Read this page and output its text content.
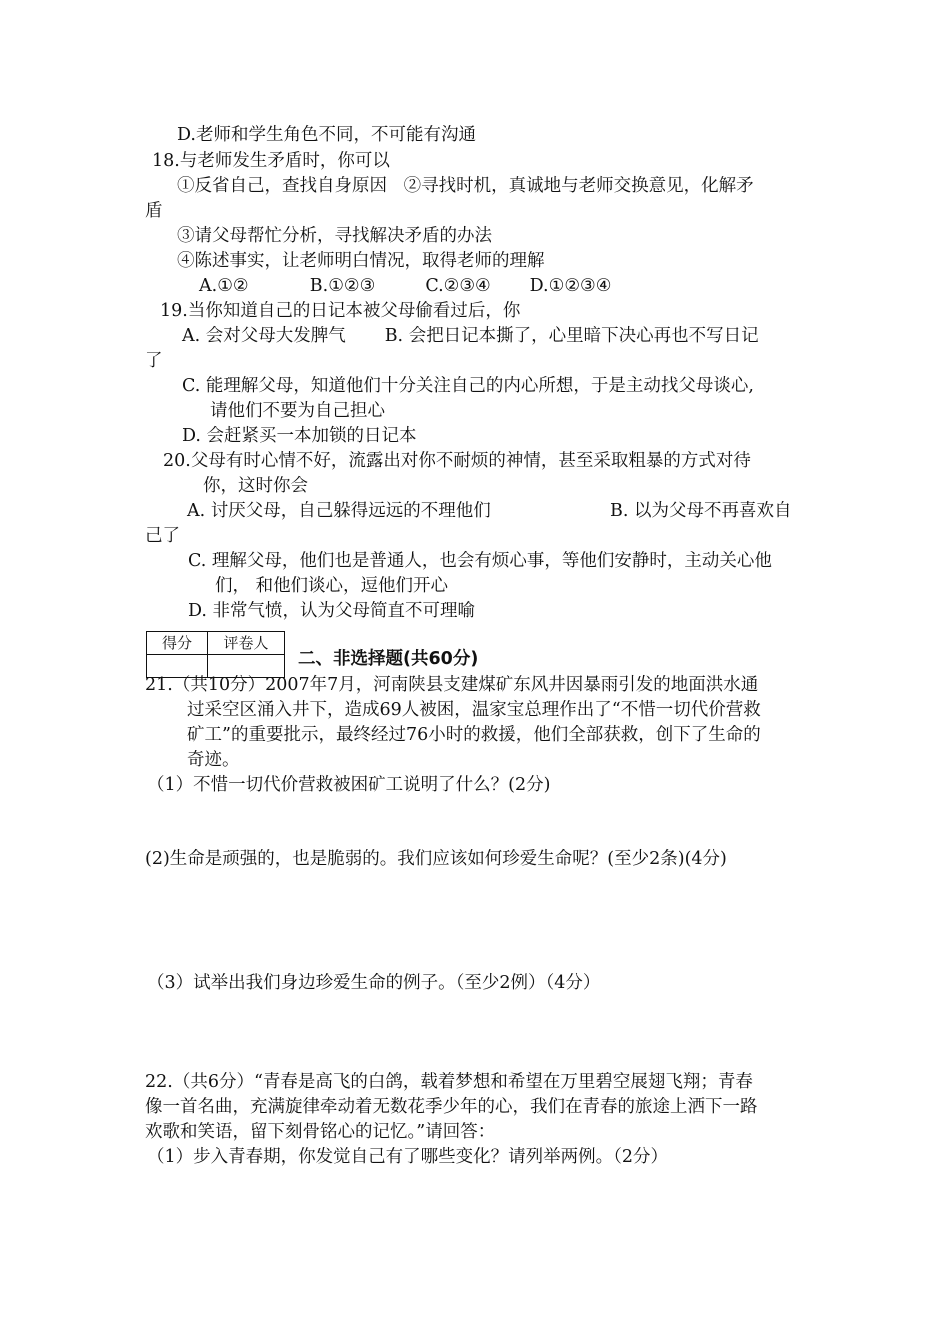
D.老师和学生角色不同，不可能有沟通
18.与老师发生矛盾时，你可以
①反省自己，查找自身原因   ②寻找时机，真诚地与老师交换意见，化解矛
盾
③请父母帮忙分析，寻找解决矛盾的办法
④陈述事实，让老师明白情况，取得老师的理解
A.①②           B.①②③         C.②③④       D.①②③④
19.当你知道自己的日记本被父母偷看过后，你
A. 会对父母大发脾气       B. 会把日记本撕了，心里暗下决心再也不写日记
了
C. 能理解父母，知道他们十分关注自己的内心所想，于是主动找父母谈心,
请他们不要为自己担心
D. 会赶紧买一本加锁的日记本
20.父母有时心情不好，流露出对你不耐烦的神情，甚至采取粗暴的方式对待
你，这时你会
A. 讨厌父母，自己躲得远远的不理他们	B. 以为父母不再喜欢自
己了
C. 理解父母，他们也是普通人，也会有烦心事，等他们安静时，主动关心他
们， 和他们谈心，逗他们开心
D. 非常气愤，认为父母简直不可理喻
得分	评卷人

二、非选择题(共60分)
21.（共10分）2007年7月，河南陕县支建煤矿东风井因暴雨引发的地面洪水通
过采空区涌入井下，造成69人被困，温家宝总理作出了“不惜一切代价营救
矿工”的重要批示，最终经过76小时的救援，他们全部获救，创下了生命的
奇迹。
（1）不惜一切代价营救被困矿工说明了什么？(2分)
(2)生命是顽强的，也是脆弱的。我们应该如何珍爱生命呢？(至少2条)(4分)
（3）试举出我们身边珍爱生命的例子。（至少2例）（4分）
22.（共6分）“青春是高飞的白鸽，载着梦想和希望在万里碧空展翅飞翔；青春
像一首名曲，充满旋律牵动着无数花季少年的心，我们在青春的旅途上洒下一路
欢歌和笑语，留下刻骨铭心的记忆。”请回答：
（1）步入青春期，你发觉自己有了哪些变化？请列举两例。（2分）
